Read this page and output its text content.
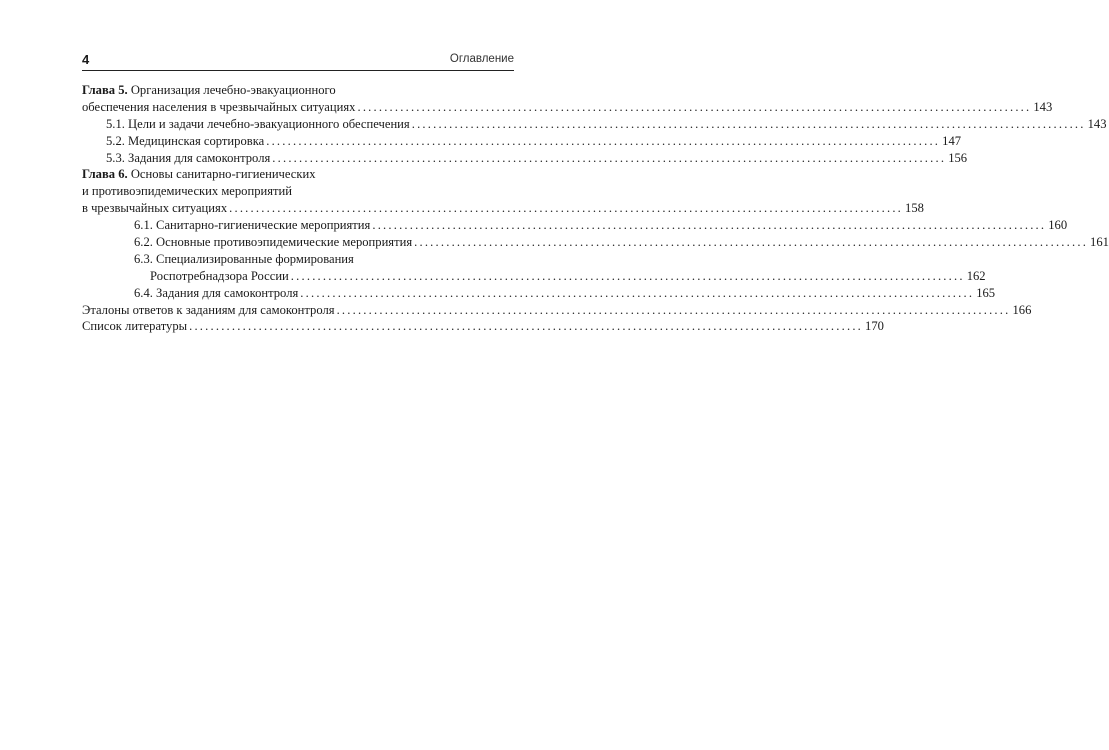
4	Оглавление
Глава 5. Организация лечебно-эвакуационного
обеспечения населения в чрезвычайных ситуациях .............................................................................................................................. 143
5.1. Цели и задачи лечебно-эвакуационного обеспечения .............................................................................................................................. 143
5.2. Медицинская сортировка .............................................................................................................................. 147
5.3. Задания для самоконтроля .............................................................................................................................. 156
Глава 6. Основы санитарно-гигиенических
и противоэпидемических мероприятий
в чрезвычайных ситуациях .............................................................................................................................. 158
6.1. Санитарно-гигиенические мероприятия .............................................................................................................................. 160
6.2. Основные противоэпидемические мероприятия .............................................................................................................................. 161
6.3. Специализированные формирования
Роспотребнадзора России .............................................................................................................................. 162
6.4. Задания для самоконтроля .............................................................................................................................. 165
Эталоны ответов к заданиям для самоконтроля .............................................................................................................................. 166
Список литературы .............................................................................................................................. 170
